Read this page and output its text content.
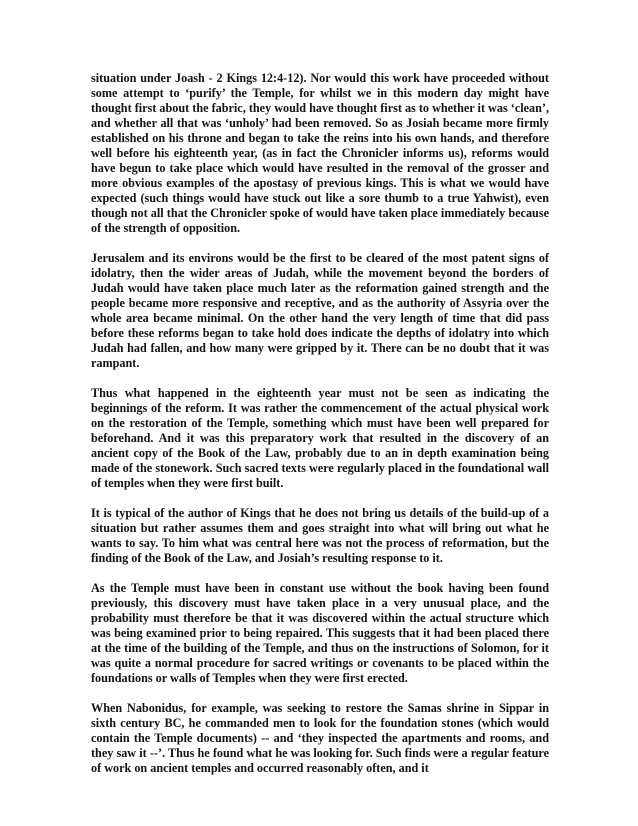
situation under Joash - 2 Kings 12:4-12). Nor would this work have proceeded without some attempt to ‘purify’ the Temple, for whilst we in this modern day might have thought first about the fabric, they would have thought first as to whether it was ‘clean’, and whether all that was ‘unholy’ had been removed. So as Josiah became more firmly established on his throne and began to take the reins into his own hands, and therefore well before his eighteenth year, (as in fact the Chronicler informs us), reforms would have begun to take place which would have resulted in the removal of the grosser and more obvious examples of the apostasy of previous kings. This is what we would have expected (such things would have stuck out like a sore thumb to a true Yahwist), even though not all that the Chronicler spoke of would have taken place immediately because of the strength of opposition.

Jerusalem and its environs would be the first to be cleared of the most patent signs of idolatry, then the wider areas of Judah, while the movement beyond the borders of Judah would have taken place much later as the reformation gained strength and the people became more responsive and receptive, and as the authority of Assyria over the whole area became minimal. On the other hand the very length of time that did pass before these reforms began to take hold does indicate the depths of idolatry into which Judah had fallen, and how many were gripped by it. There can be no doubt that it was rampant.

Thus what happened in the eighteenth year must not be seen as indicating the beginnings of the reform. It was rather the commencement of the actual physical work on the restoration of the Temple, something which must have been well prepared for beforehand. And it was this preparatory work that resulted in the discovery of an ancient copy of the Book of the Law, probably due to an in depth examination being made of the stonework. Such sacred texts were regularly placed in the foundational wall of temples when they were first built.

It is typical of the author of Kings that he does not bring us details of the build-up of a situation but rather assumes them and goes straight into what will bring out what he wants to say. To him what was central here was not the process of reformation, but the finding of the Book of the Law, and Josiah’s resulting response to it.

As the Temple must have been in constant use without the book having been found previously, this discovery must have taken place in a very unusual place, and the probability must therefore be that it was discovered within the actual structure which was being examined prior to being repaired. This suggests that it had been placed there at the time of the building of the Temple, and thus on the instructions of Solomon, for it was quite a normal procedure for sacred writings or covenants to be placed within the foundations or walls of Temples when they were first erected.

When Nabonidus, for example, was seeking to restore the Samas shrine in Sippar in sixth century BC, he commanded men to look for the foundation stones (which would contain the Temple documents) -- and ‘they inspected the apartments and rooms, and they saw it --’. Thus he found what he was looking for. Such finds were a regular feature of work on ancient temples and occurred reasonably often, and it
